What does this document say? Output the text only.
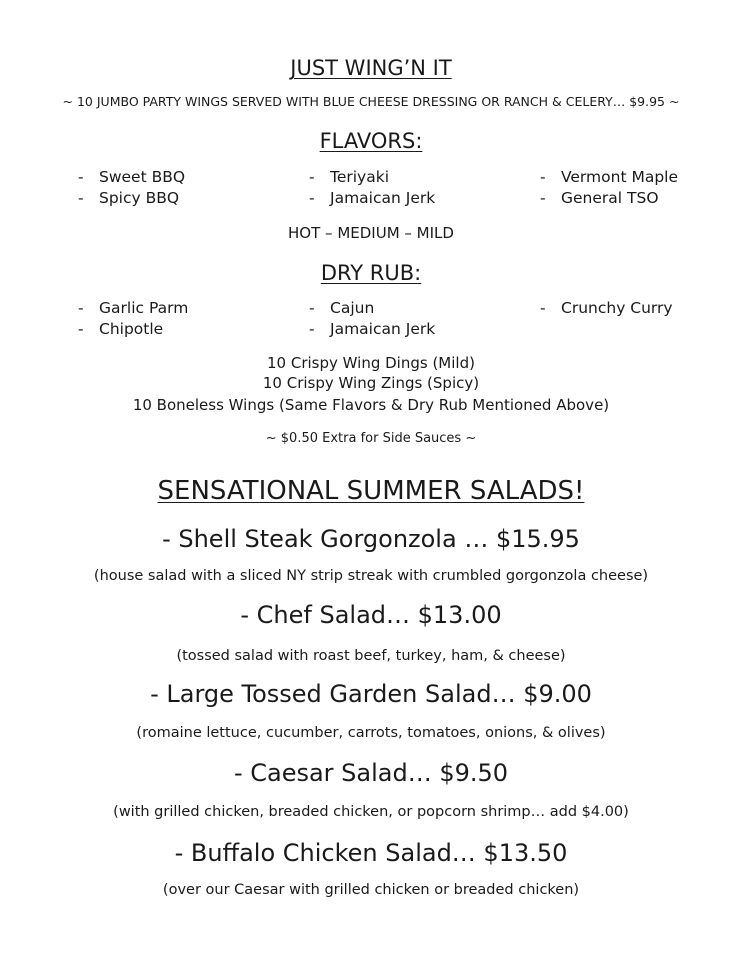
JUST WING’N IT
~ 10 JUMBO PARTY WINGS SERVED WITH BLUE CHEESE DRESSING OR RANCH & CELERY… $9.95 ~
FLAVORS:
- Sweet BBQ
- Spicy BBQ
- Teriyaki
- Jamaican Jerk
- Vermont Maple
- General TSO
HOT – MEDIUM – MILD
DRY RUB:
- Garlic Parm
- Chipotle
- Cajun
- Jamaican Jerk
- Crunchy Curry
10 Crispy Wing Dings (Mild)
10 Crispy Wing Zings (Spicy)
10 Boneless Wings (Same Flavors & Dry Rub Mentioned Above)
~ $0.50 Extra for Side Sauces ~
SENSATIONAL SUMMER SALADS!
- Shell Steak Gorgonzola … $15.95
(house salad with a sliced NY strip streak with crumbled gorgonzola cheese)
- Chef Salad… $13.00
(tossed salad with roast beef, turkey, ham, & cheese)
- Large Tossed Garden Salad… $9.00
(romaine lettuce, cucumber, carrots, tomatoes, onions, & olives)
- Caesar Salad… $9.50
(with grilled chicken, breaded chicken, or popcorn shrimp… add $4.00)
- Buffalo Chicken Salad… $13.50
(over our Caesar with grilled chicken or breaded chicken)
